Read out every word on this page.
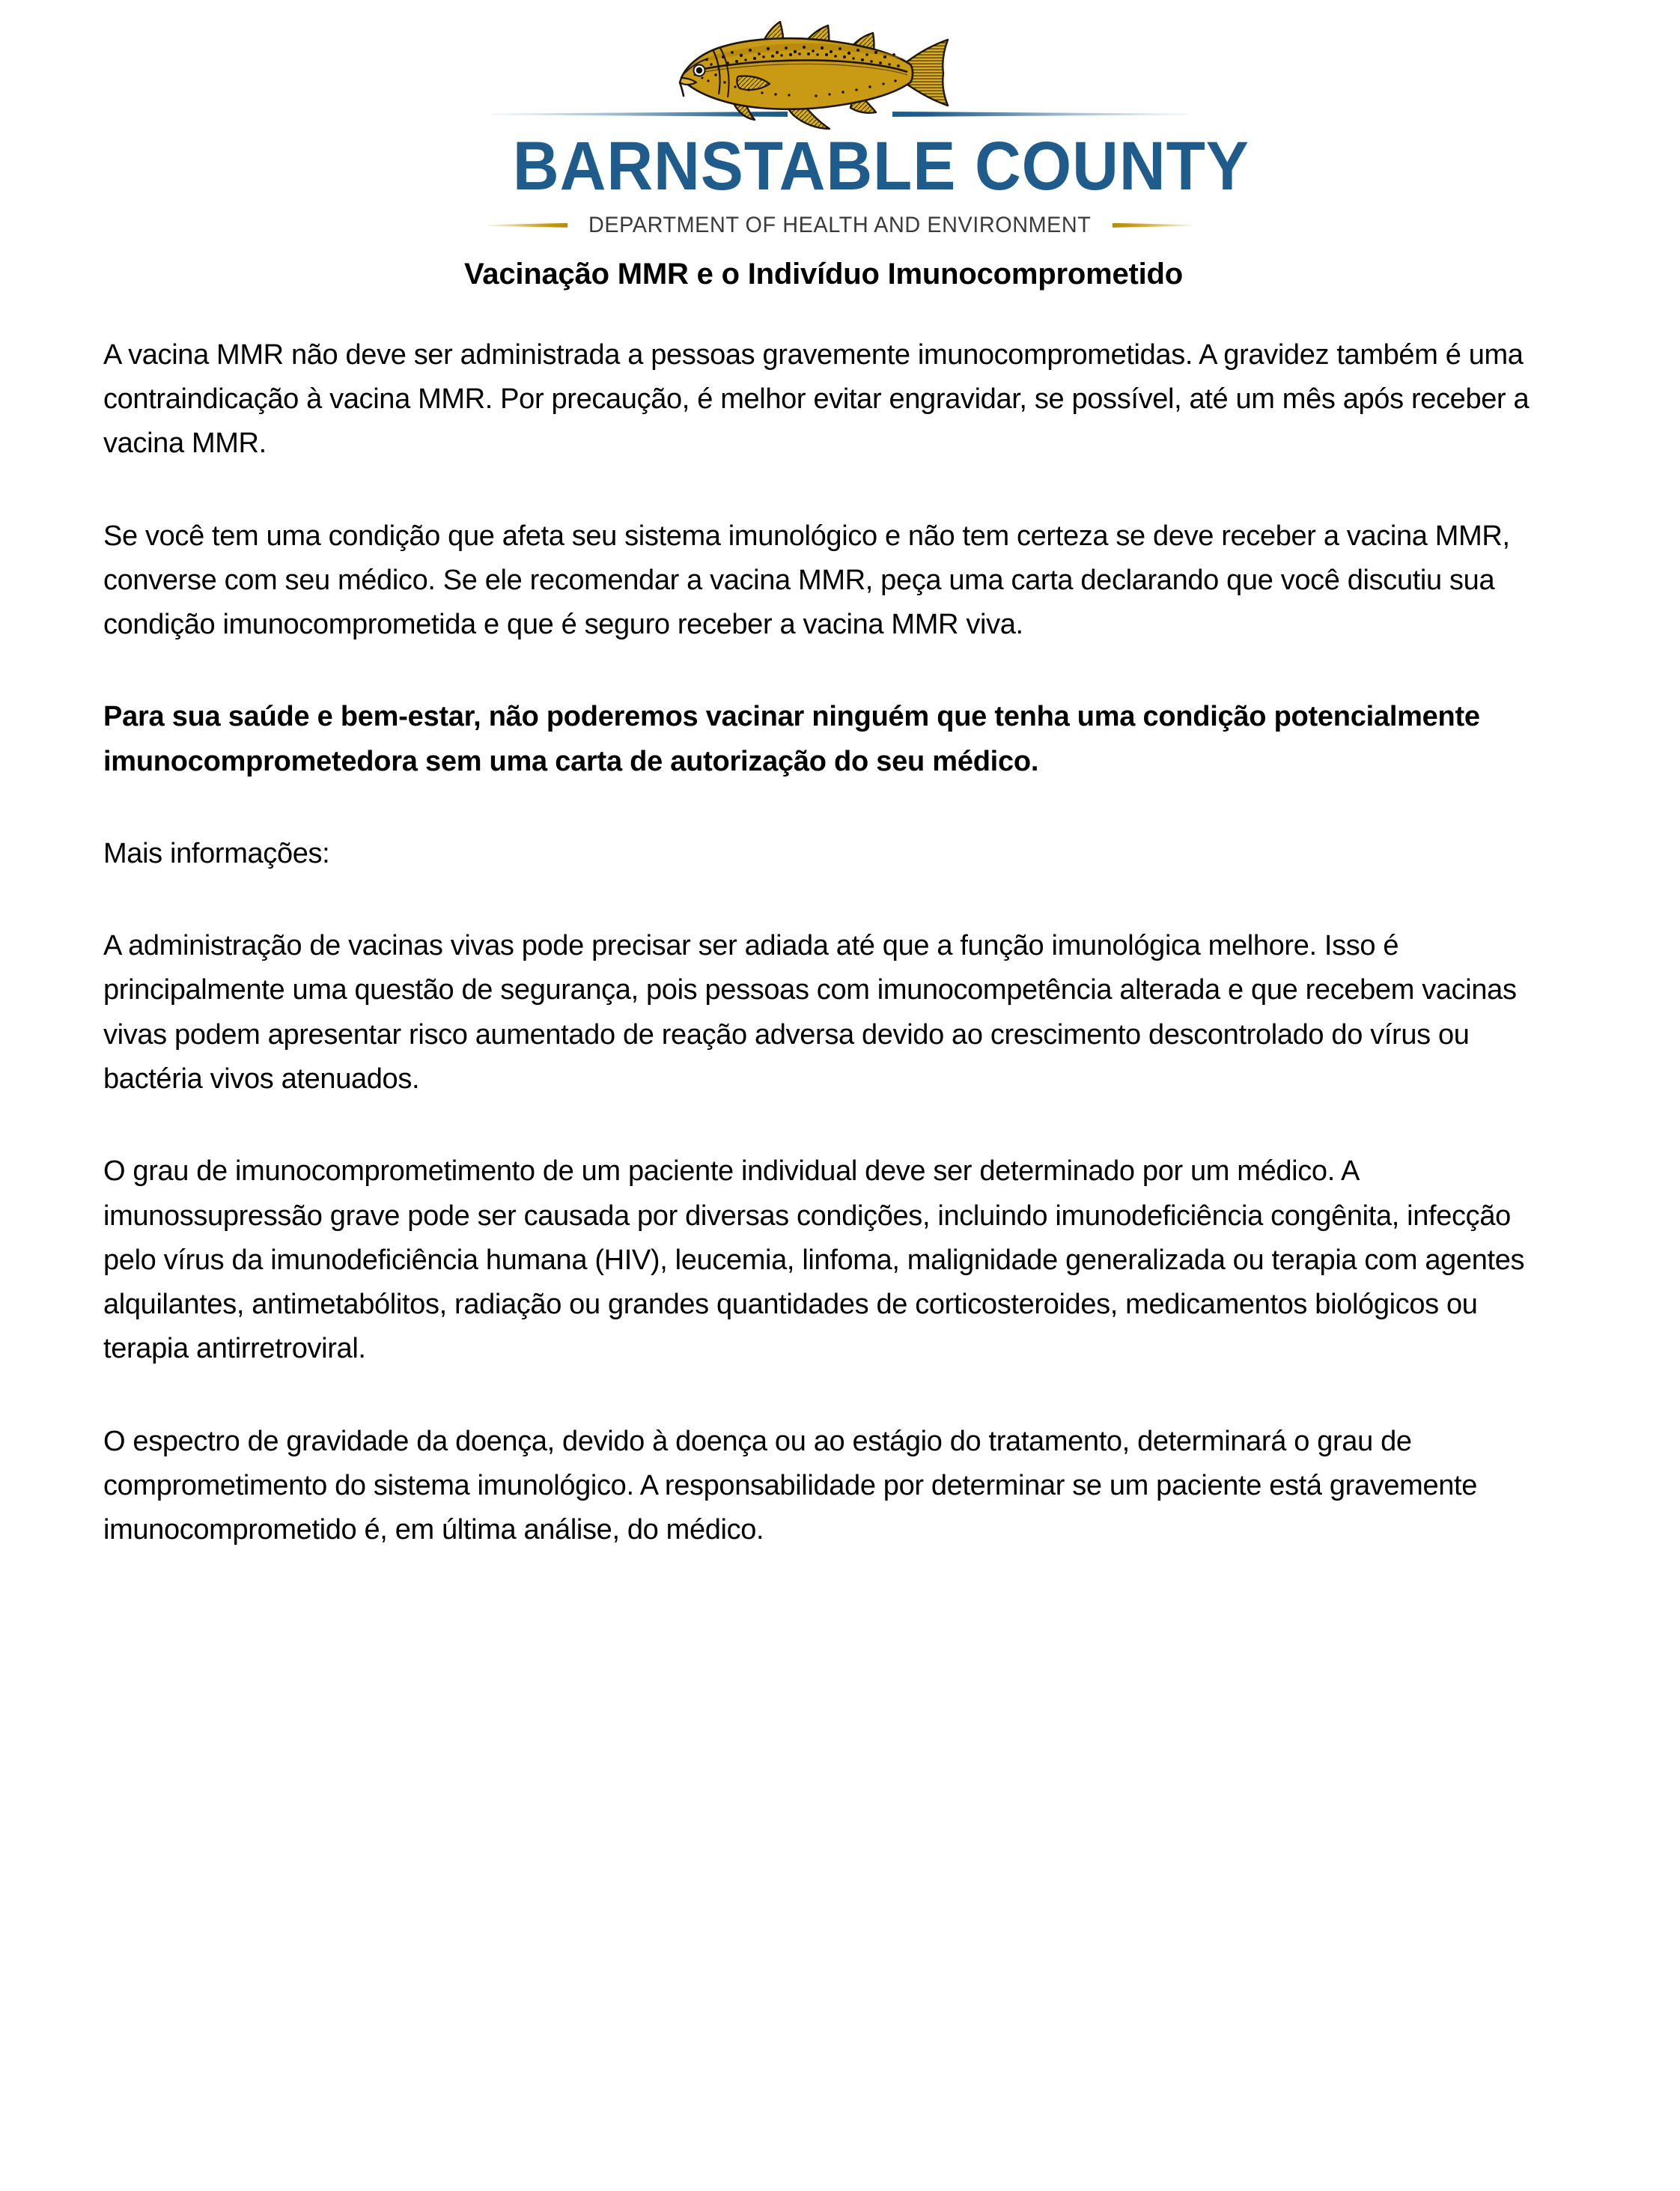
BARNSTABLE COUNTY
DEPARTMENT OF HEALTH AND ENVIRONMENT
Vacinação MMR e o Indivíduo Imunocomprometido

A vacina MMR não deve ser administrada a pessoas gravemente imunocomprometidas. A gravidez também é uma contraindicação à vacina MMR. Por precaução, é melhor evitar engravidar, se possível, até um mês após receber a vacina MMR.

Se você tem uma condição que afeta seu sistema imunológico e não tem certeza se deve receber a vacina MMR, converse com seu médico. Se ele recomendar a vacina MMR, peça uma carta declarando que você discutiu sua condição imunocomprometida e que é seguro receber a vacina MMR viva.

Para sua saúde e bem-estar, não poderemos vacinar ninguém que tenha uma condição potencialmente imunocomprometedora sem uma carta de autorização do seu médico.

Mais informações:

A administração de vacinas vivas pode precisar ser adiada até que a função imunológica melhore. Isso é principalmente uma questão de segurança, pois pessoas com imunocompetência alterada e que recebem vacinas vivas podem apresentar risco aumentado de reação adversa devido ao crescimento descontrolado do vírus ou bactéria vivos atenuados.

O grau de imunocomprometimento de um paciente individual deve ser determinado por um médico. A imunossupressão grave pode ser causada por diversas condições, incluindo imunodeficiência congênita, infecção pelo vírus da imunodeficiência humana (HIV), leucemia, linfoma, malignidade generalizada ou terapia com agentes alquilantes, antimetabólitos, radiação ou grandes quantidades de corticosteroides, medicamentos biológicos ou terapia antirretroviral.

O espectro de gravidade da doença, devido à doença ou ao estágio do tratamento, determinará o grau de comprometimento do sistema imunológico. A responsabilidade por determinar se um paciente está gravemente imunocomprometido é, em última análise, do médico.
